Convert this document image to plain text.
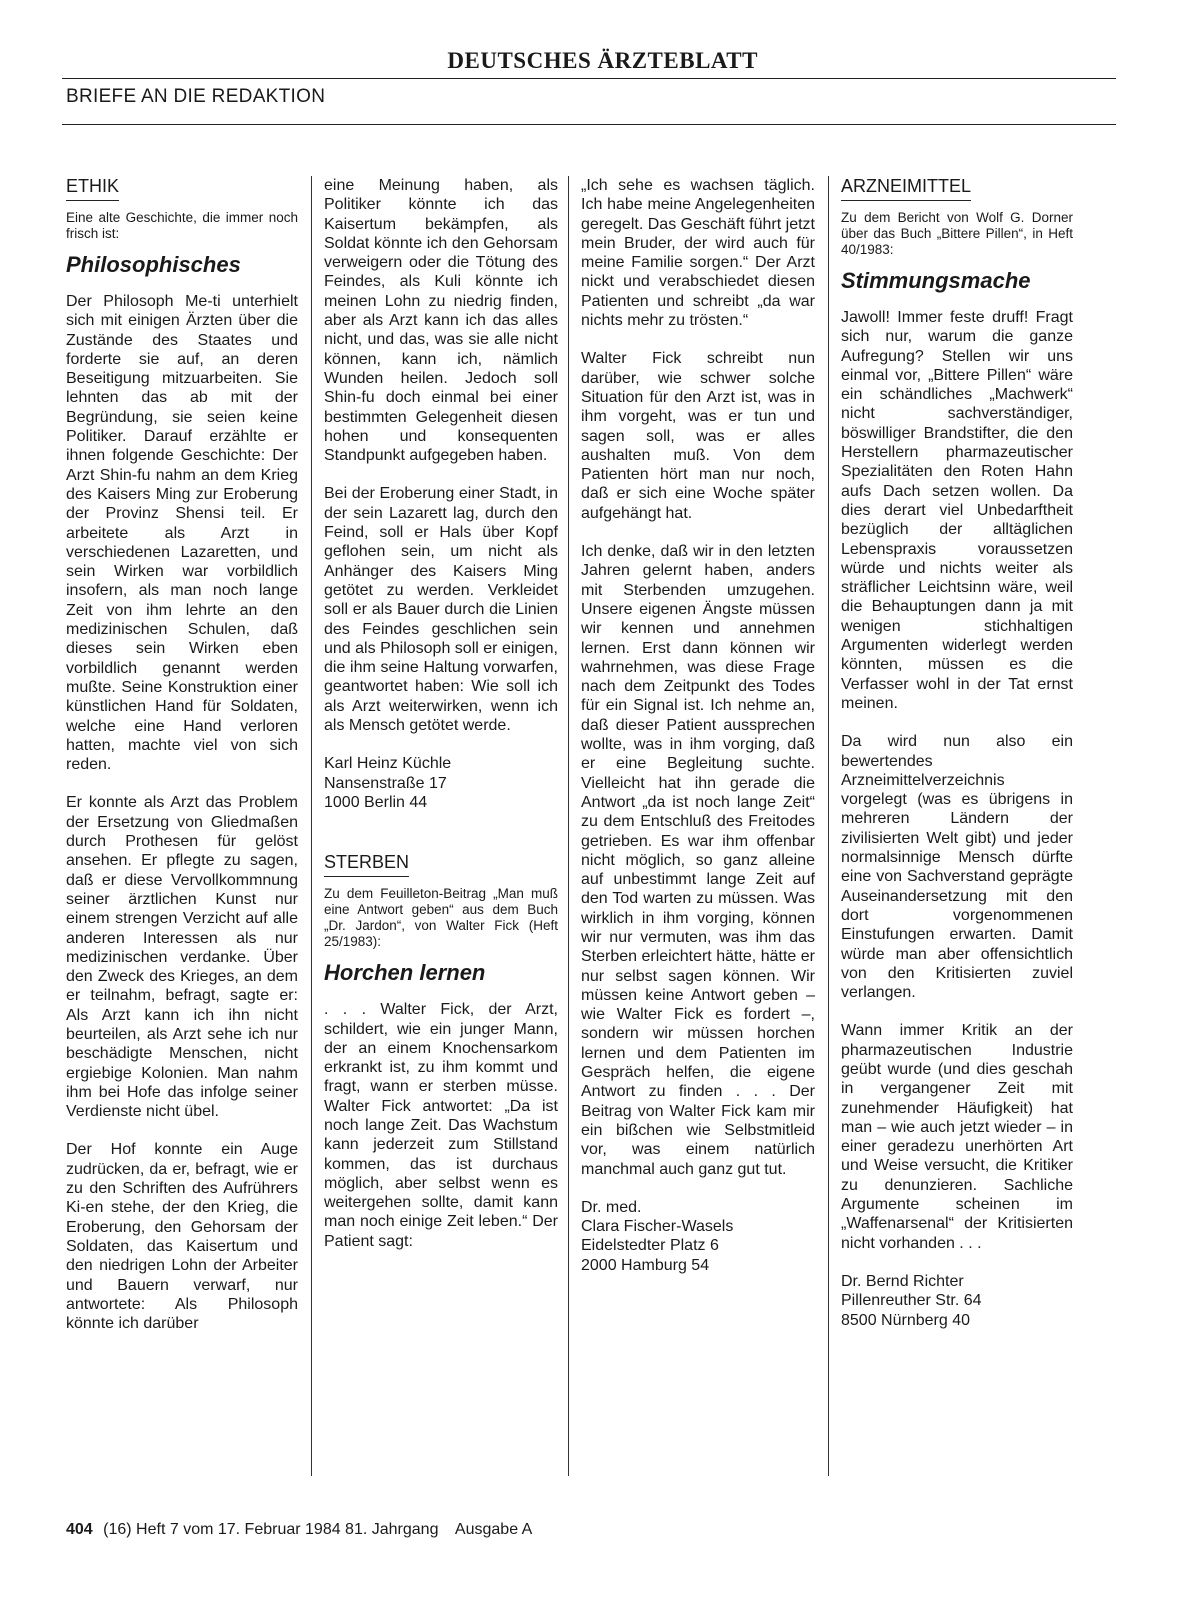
DEUTSCHES ÄRZTEBLATT
BRIEFE AN DIE REDAKTION
ETHIK

Eine alte Geschichte, die immer noch frisch ist:

Philosophisches

Der Philosoph Me-ti unterhielt sich mit einigen Ärzten über die Zustände des Staates und forderte sie auf, an deren Beseitigung mitzuarbeiten. Sie lehnten das ab mit der Begründung, sie seien keine Politiker. Darauf erzählte er ihnen folgende Geschichte: Der Arzt Shin-fu nahm an dem Krieg des Kaisers Ming zur Eroberung der Provinz Shensi teil. Er arbeitete als Arzt in verschiedenen Lazaretten, und sein Wirken war vorbildlich insofern, als man noch lange Zeit von ihm lehrte an den medizinischen Schulen, daß dieses sein Wirken eben vorbildlich genannt werden mußte. Seine Konstruktion einer künstlichen Hand für Soldaten, welche eine Hand verloren hatten, machte viel von sich reden.

Er konnte als Arzt das Problem der Ersetzung von Gliedmaßen durch Prothesen für gelöst ansehen. Er pflegte zu sagen, daß er diese Vervollkommnung seiner ärztlichen Kunst nur einem strengen Verzicht auf alle anderen Interessen als nur medizinischen verdanke. Über den Zweck des Krieges, an dem er teilnahm, befragt, sagte er: Als Arzt kann ich ihn nicht beurteilen, als Arzt sehe ich nur beschädigte Menschen, nicht ergiebige Kolonien. Man nahm ihm bei Hofe das infolge seiner Verdienste nicht übel.

Der Hof konnte ein Auge zudrücken, da er, befragt, wie er zu den Schriften des Aufrührers Ki-en stehe, der den Krieg, die Eroberung, den Gehorsam der Soldaten, das Kaisertum und den niedrigen Lohn der Arbeiter und Bauern verwarf, nur antwortete: Als Philosoph könnte ich darüber

eine Meinung haben, als Politiker könnte ich das Kaisertum bekämpfen, als Soldat könnte ich den Gehorsam verweigern oder die Tötung des Feindes, als Kuli könnte ich meinen Lohn zu niedrig finden, aber als Arzt kann ich das alles nicht, und das, was sie alle nicht können, kann ich, nämlich Wunden heilen. Jedoch soll Shin-fu doch einmal bei einer bestimmten Gelegenheit diesen hohen und konsequenten Standpunkt aufgegeben haben.

Bei der Eroberung einer Stadt, in der sein Lazarett lag, durch den Feind, soll er Hals über Kopf geflohen sein, um nicht als Anhänger des Kaisers Ming getötet zu werden. Verkleidet soll er als Bauer durch die Linien des Feindes geschlichen sein und als Philosoph soll er einigen, die ihm seine Haltung vorwarfen, geantwortet haben: Wie soll ich als Arzt weiterwirken, wenn ich als Mensch getötet werde.

Karl Heinz Küchle
Nansenstraße 17
1000 Berlin 44
STERBEN

Zu dem Feuilleton-Beitrag „Man muß eine Antwort geben“ aus dem Buch „Dr. Jardon“, von Walter Fick (Heft 25/1983):

Horchen lernen

. . . Walter Fick, der Arzt, schildert, wie ein junger Mann, der an einem Knochensarkom erkrankt ist, zu ihm kommt und fragt, wann er sterben müsse. Walter Fick antwortet: „Da ist noch lange Zeit. Das Wachstum kann jederzeit zum Stillstand kommen, das ist durchaus möglich, aber selbst wenn es weitergehen sollte, damit kann man noch einige Zeit leben.“ Der Patient sagt:

„Ich sehe es wachsen täglich. Ich habe meine Angelegenheiten geregelt. Das Geschäft führt jetzt mein Bruder, der wird auch für meine Familie sorgen.“ Der Arzt nickt und verabschiedet diesen Patienten und schreibt „da war nichts mehr zu trösten.“

Walter Fick schreibt nun darüber, wie schwer solche Situation für den Arzt ist, was in ihm vorgeht, was er tun und sagen soll, was er alles aushalten muß. Von dem Patienten hört man nur noch, daß er sich eine Woche später aufgehängt hat.

Ich denke, daß wir in den letzten Jahren gelernt haben, anders mit Sterbenden umzugehen. Unsere eigenen Ängste müssen wir kennen und annehmen lernen. Erst dann können wir wahrnehmen, was diese Frage nach dem Zeitpunkt des Todes für ein Signal ist. Ich nehme an, daß dieser Patient aussprechen wollte, was in ihm vorging, daß er eine Begleitung suchte. Vielleicht hat ihn gerade die Antwort „da ist noch lange Zeit“ zu dem Entschluß des Freitodes getrieben. Es war ihm offenbar nicht möglich, so ganz alleine auf unbestimmt lange Zeit auf den Tod warten zu müssen. Was wirklich in ihm vorging, können wir nur vermuten, was ihm das Sterben erleichtert hätte, hätte er nur selbst sagen können. Wir müssen keine Antwort geben – wie Walter Fick es fordert –, sondern wir müssen horchen lernen und dem Patienten im Gespräch helfen, die eigene Antwort zu finden . . . Der Beitrag von Walter Fick kam mir ein bißchen wie Selbstmitleid vor, was einem natürlich manchmal auch ganz gut tut.

Dr. med.
Clara Fischer-Wasels
Eidelstedter Platz 6
2000 Hamburg 54
ARZNEIMITTEL

Zu dem Bericht von Wolf G. Dorner über das Buch „Bittere Pillen“, in Heft 40/1983:

Stimmungsmache

Jawoll! Immer feste druff! Fragt sich nur, warum die ganze Aufregung? Stellen wir uns einmal vor, „Bittere Pillen“ wäre ein schändliches „Machwerk“ nicht sachverständiger, böswilliger Brandstifter, die den Herstellern pharmazeutischer Spezialitäten den Roten Hahn aufs Dach setzen wollen. Da dies derart viel Unbedarftheit bezüglich der alltäglichen Lebenspraxis voraussetzen würde und nichts weiter als sträflicher Leichtsinn wäre, weil die Behauptungen dann ja mit wenigen stichhaltigen Argumenten widerlegt werden könnten, müssen es die Verfasser wohl in der Tat ernst meinen.

Da wird nun also ein bewertendes Arzneimittelverzeichnis vorgelegt (was es übrigens in mehreren Ländern der zivilisierten Welt gibt) und jeder normalsinnige Mensch dürfte eine von Sachverstand geprägte Auseinandersetzung mit den dort vorgenommenen Einstufungen erwarten. Damit würde man aber offensichtlich von den Kritisierten zuviel verlangen.

Wann immer Kritik an der pharmazeutischen Industrie geübt wurde (und dies geschah in vergangener Zeit mit zunehmender Häufigkeit) hat man – wie auch jetzt wieder – in einer geradezu unerhörten Art und Weise versucht, die Kritiker zu denunzieren. Sachliche Argumente scheinen im „Waffenarsenal“ der Kritisierten nicht vorhanden . . .

Dr. Bernd Richter
Pillenreuther Str. 64
8500 Nürnberg 40
404 (16) Heft 7 vom 17. Februar 1984 81. Jahrgang Ausgabe A
